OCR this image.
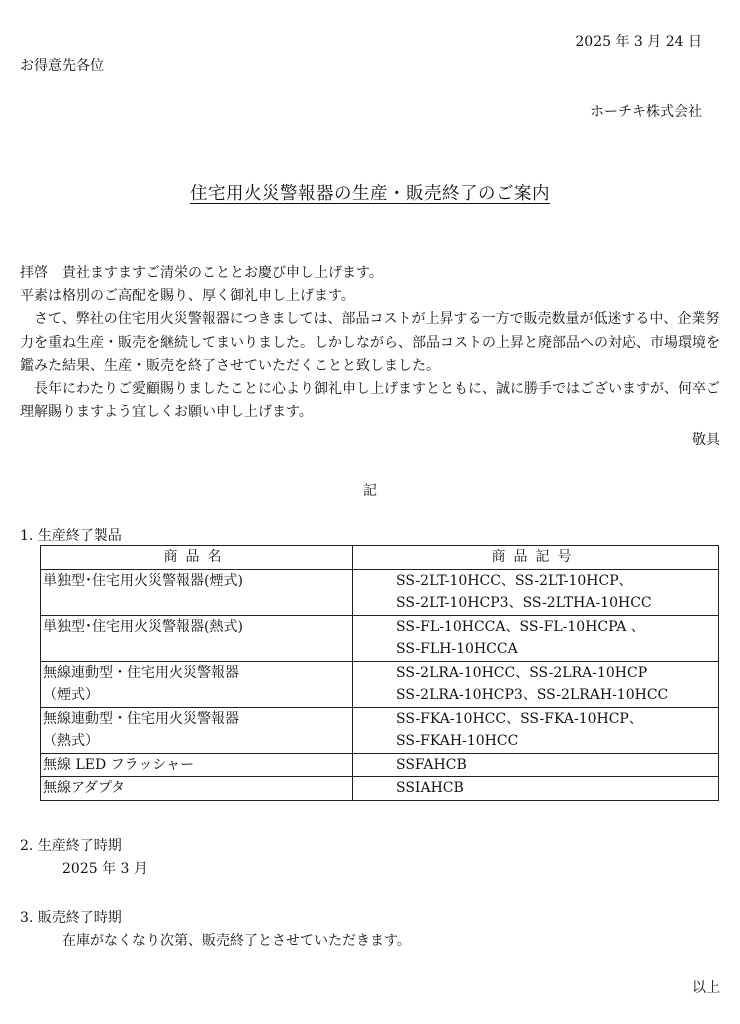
2025 年 3 月 24 日
お得意先各位
ホーチキ株式会社
住宅用火災警報器の生産・販売終了のご案内

拝啓　貴社ますますご清栄のこととお慶び申し上げます。

平素は格別のご高配を賜り、厚く御礼申し上げます。

さて、弊社の住宅用火災警報器につきましては、部品コストが上昇する一方で販売数量が低迷する中、企業努力を重ね生産・販売を継続してまいりました。しかしながら、部品コストの上昇と廃部品への対応、市場環境を鑑みた結果、生産・販売を終了させていただくことと致しました。

長年にわたりご愛顧賜りましたことに心より御礼申し上げますとともに、誠に勝手ではございますが、何卒ご理解賜りますよう宜しくお願い申し上げます。

敬具
記
1. 生産終了製品
商品名	商品記号

単独型･住宅用火災警報器(煙式)	SS-2LT-10HCC、SS-2LT-10HCP、
SS-2LT-10HCP3、SS-2LTHA-10HCC

単独型･住宅用火災警報器(熱式)	SS-FL-10HCCA、SS-FL-10HCPA 、
SS-FLH-10HCCA

無線連動型・住宅用火災警報器
（煙式）	SS-2LRA-10HCC、SS-2LRA-10HCP
SS-2LRA-10HCP3、SS-2LRAH-10HCC

無線連動型・住宅用火災警報器
（熱式）	SS-FKA-10HCC、SS-FKA-10HCP、
SS-FKAH-10HCC

無線 LED フラッシャー	SSFAHCB

無線アダプタ	SSIAHCB
2. 生産終了時期
2025 年 3 月
3. 販売終了時期
在庫がなくなり次第、販売終了とさせていただきます。
以上
